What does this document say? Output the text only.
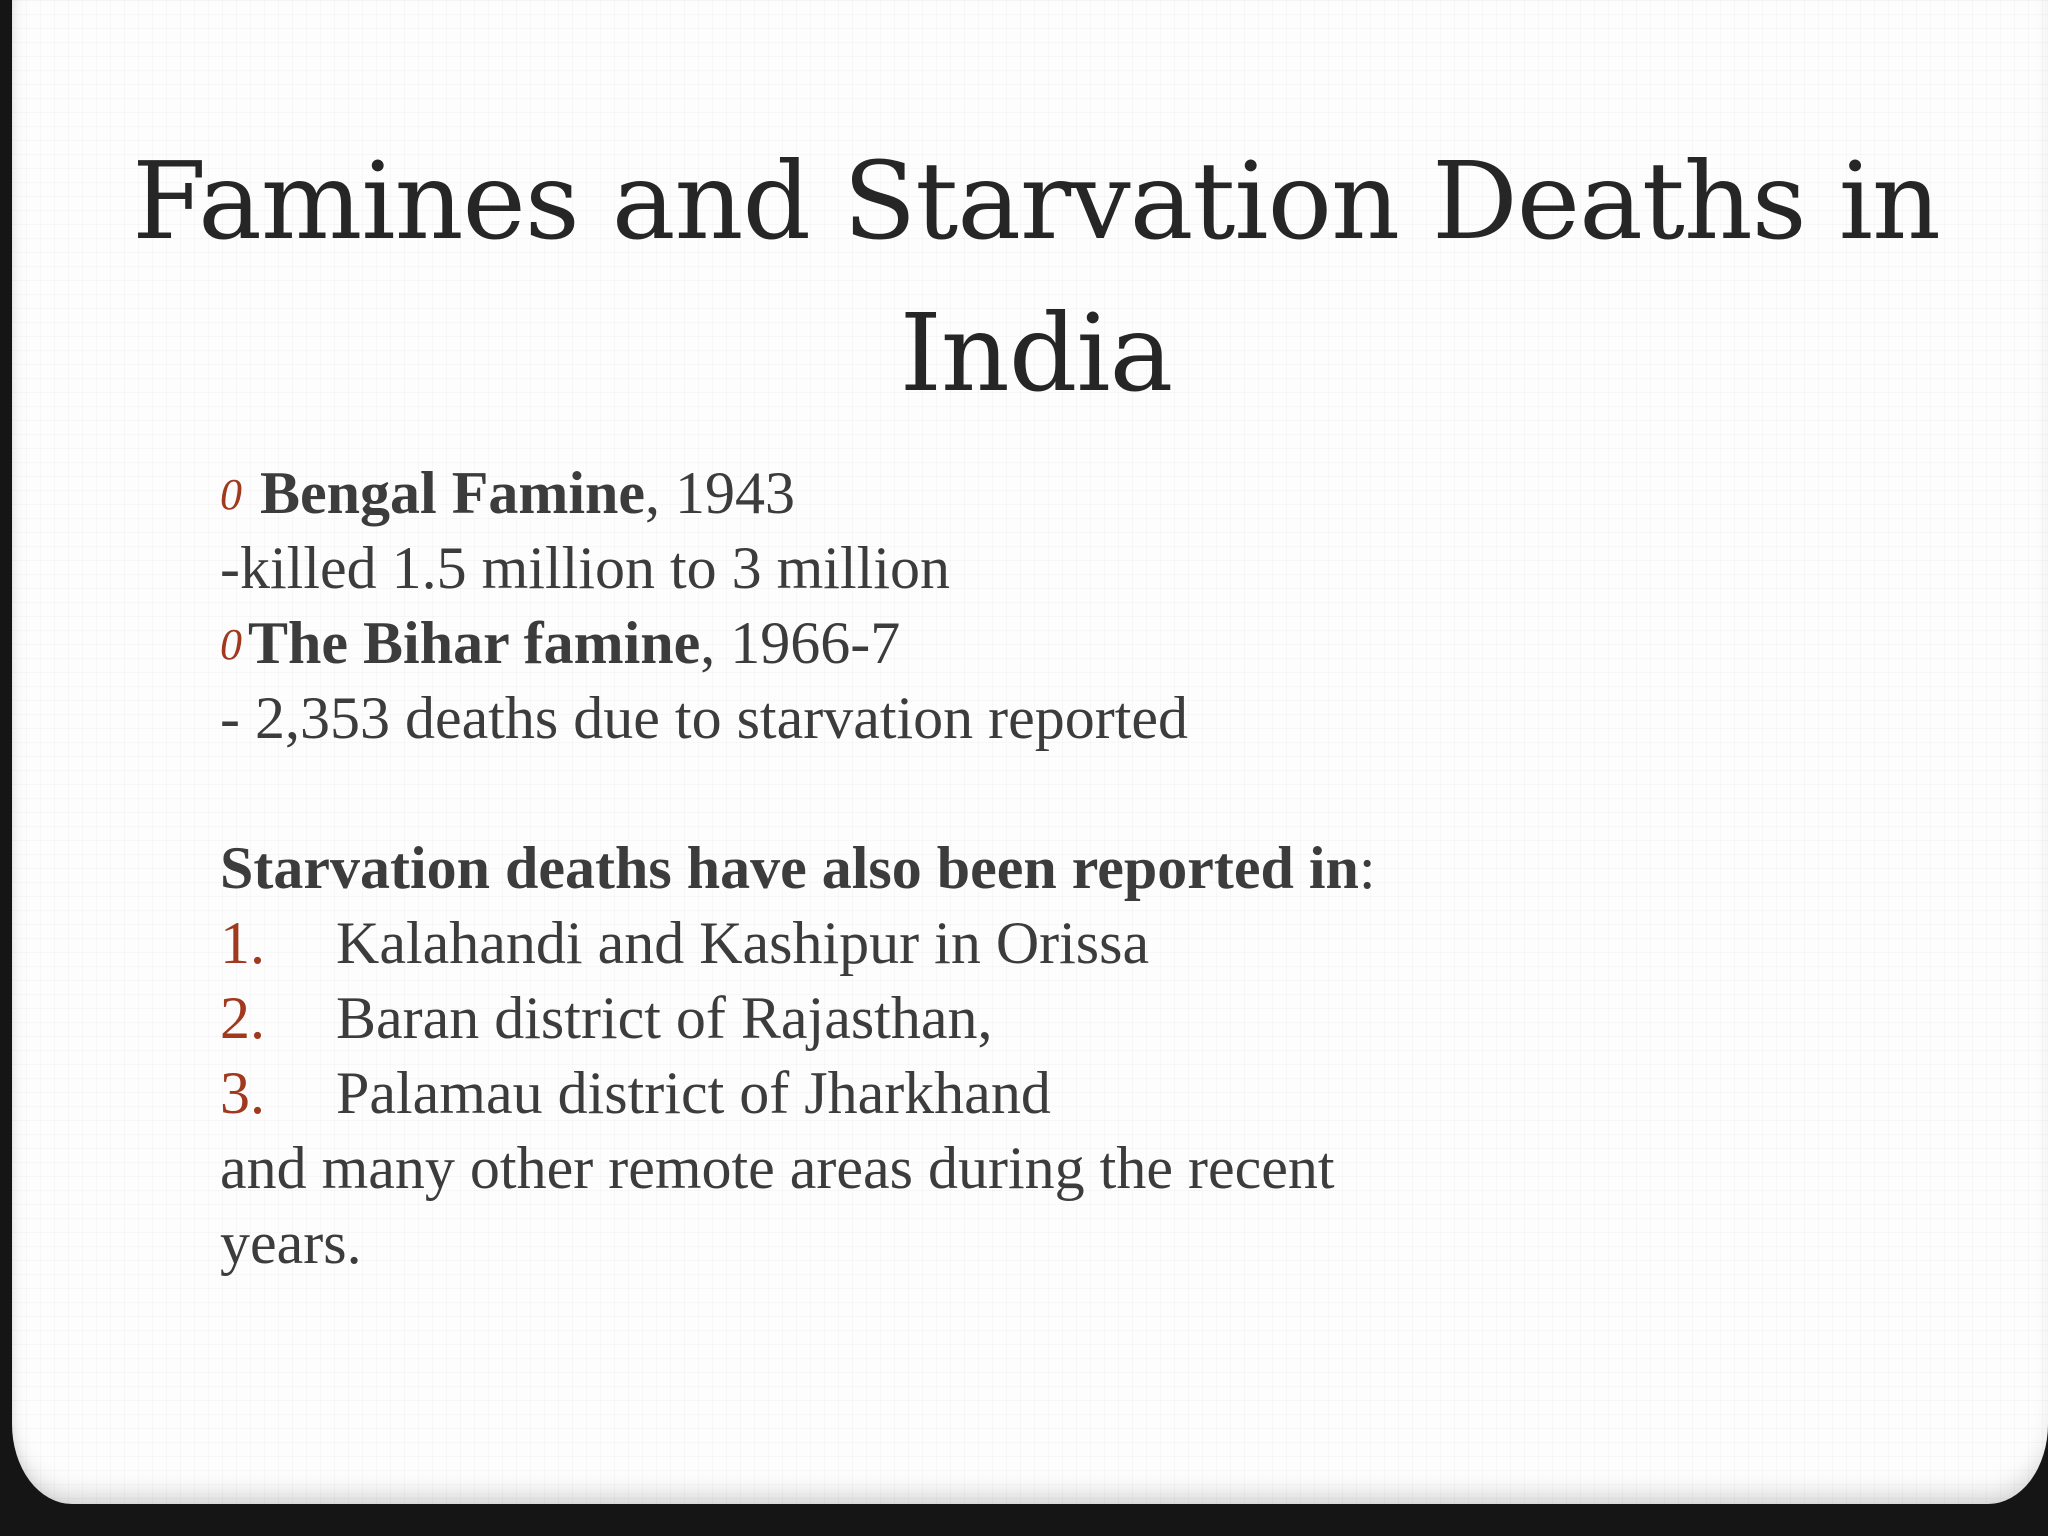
Famines and Starvation Deaths in India

0 Bengal Famine, 1943

-killed 1.5 million to 3 million

0 The Bihar famine, 1966-7

- 2,353 deaths due to starvation reported

Starvation deaths have also been reported in:

1. Kalahandi and Kashipur in Orissa

2. Baran district of Rajasthan,

3. Palamau district of Jharkhand

and many other remote areas during the recent

years.
